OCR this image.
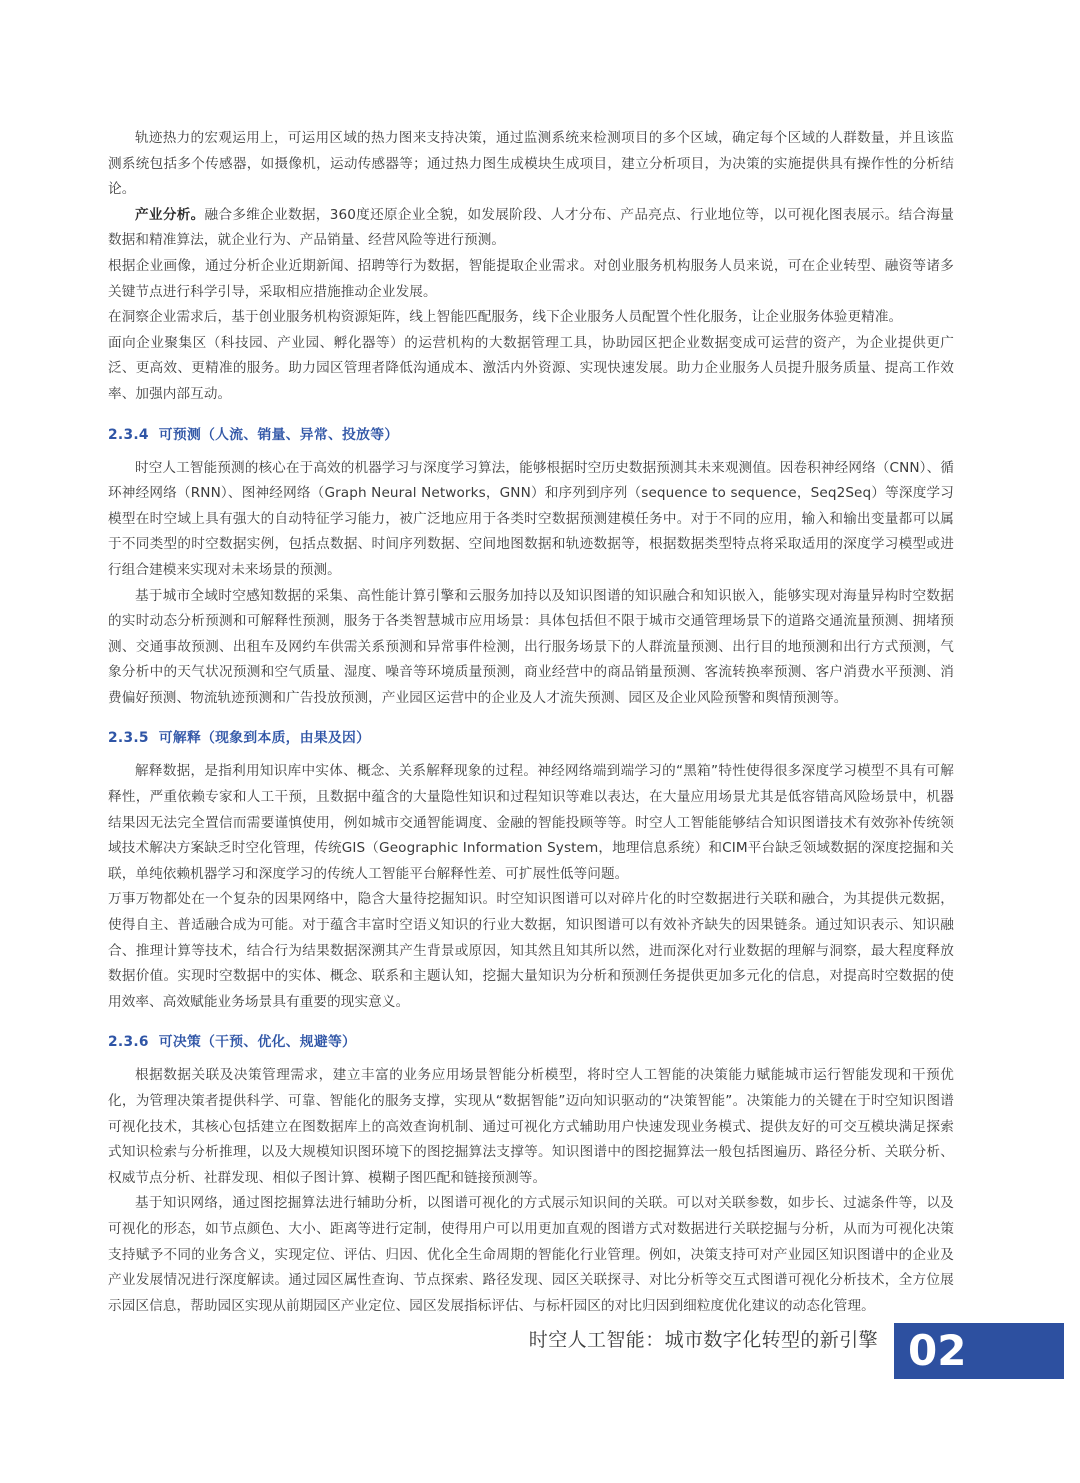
轨迹热力的宏观运用上，可运用区域的热力图来支持决策，通过监测系统来检测项目的多个区域，确定每个区域的人群数量，并且该监测系统包括多个传感器，如摄像机，运动传感器等；通过热力图生成模块生成项目，建立分析项目，为决策的实施提供具有操作性的分析结论。

产业分析。融合多维企业数据，360度还原企业全貌，如发展阶段、人才分布、产品亮点、行业地位等，以可视化图表展示。结合海量数据和精准算法，就企业行为、产品销量、经营风险等进行预测。

根据企业画像，通过分析企业近期新闻、招聘等行为数据，智能提取企业需求。对创业服务机构服务人员来说，可在企业转型、融资等诸多关键节点进行科学引导，采取相应措施推动企业发展。

在洞察企业需求后，基于创业服务机构资源矩阵，线上智能匹配服务，线下企业服务人员配置个性化服务，让企业服务体验更精准。

面向企业聚集区（科技园、产业园、孵化器等）的运营机构的大数据管理工具，协助园区把企业数据变成可运营的资产，为企业提供更广泛、更高效、更精准的服务。助力园区管理者降低沟通成本、激活内外资源、实现快速发展。助力企业服务人员提升服务质量、提高工作效率、加强内部互动。

2.3.4 可预测（人流、销量、异常、投放等）

时空人工智能预测的核心在于高效的机器学习与深度学习算法，能够根据时空历史数据预测其未来观测值。因卷积神经网络（CNN）、循环神经网络（RNN）、图神经网络（Graph Neural Networks，GNN）和序列到序列（sequence to sequence，Seq2Seq）等深度学习模型在时空域上具有强大的自动特征学习能力，被广泛地应用于各类时空数据预测建模任务中。对于不同的应用，输入和输出变量都可以属于不同类型的时空数据实例，包括点数据、时间序列数据、空间地图数据和轨迹数据等，根据数据类型特点将采取适用的深度学习模型或进行组合建模来实现对未来场景的预测。

基于城市全域时空感知数据的采集、高性能计算引擎和云服务加持以及知识图谱的知识融合和知识嵌入，能够实现对海量异构时空数据的实时动态分析预测和可解释性预测，服务于各类智慧城市应用场景：具体包括但不限于城市交通管理场景下的道路交通流量预测、拥堵预测、交通事故预测、出租车及网约车供需关系预测和异常事件检测，出行服务场景下的人群流量预测、出行目的地预测和出行方式预测，气象分析中的天气状况预测和空气质量、湿度、噪音等环境质量预测，商业经营中的商品销量预测、客流转换率预测、客户消费水平预测、消费偏好预测、物流轨迹预测和广告投放预测，产业园区运营中的企业及人才流失预测、园区及企业风险预警和舆情预测等。

2.3.5 可解释（现象到本质，由果及因）

解释数据，是指利用知识库中实体、概念、关系解释现象的过程。神经网络端到端学习的“黑箱”特性使得很多深度学习模型不具有可解释性，严重依赖专家和人工干预，且数据中蕴含的大量隐性知识和过程知识等难以表达，在大量应用场景尤其是低容错高风险场景中，机器结果因无法完全置信而需要谨慎使用，例如城市交通智能调度、金融的智能投顾等等。时空人工智能能够结合知识图谱技术有效弥补传统领域技术解决方案缺乏时空化管理，传统GIS（Geographic Information System，地理信息系统）和CIM平台缺乏领域数据的深度挖掘和关联，单纯依赖机器学习和深度学习的传统人工智能平台解释性差、可扩展性低等问题。

万事万物都处在一个复杂的因果网络中，隐含大量待挖掘知识。时空知识图谱可以对碎片化的时空数据进行关联和融合，为其提供元数据，使得自主、普适融合成为可能。对于蕴含丰富时空语义知识的行业大数据，知识图谱可以有效补齐缺失的因果链条。通过知识表示、知识融合、推理计算等技术，结合行为结果数据深溯其产生背景或原因，知其然且知其所以然，进而深化对行业数据的理解与洞察，最大程度释放数据价值。实现时空数据中的实体、概念、联系和主题认知，挖掘大量知识为分析和预测任务提供更加多元化的信息，对提高时空数据的使用效率、高效赋能业务场景具有重要的现实意义。

2.3.6 可决策（干预、优化、规避等）

根据数据关联及决策管理需求，建立丰富的业务应用场景智能分析模型，将时空人工智能的决策能力赋能城市运行智能发现和干预优化，为管理决策者提供科学、可靠、智能化的服务支撑，实现从“数据智能”迈向知识驱动的“决策智能”。决策能力的关键在于时空知识图谱可视化技术，其核心包括建立在图数据库上的高效查询机制、通过可视化方式辅助用户快速发现业务模式、提供友好的可交互模块满足探索式知识检索与分析推理，以及大规模知识图环境下的图挖掘算法支撑等。知识图谱中的图挖掘算法一般包括图遍历、路径分析、关联分析、权威节点分析、社群发现、相似子图计算、模糊子图匹配和链接预测等。

基于知识网络，通过图挖掘算法进行辅助分析，以图谱可视化的方式展示知识间的关联。可以对关联参数，如步长、过滤条件等，以及可视化的形态，如节点颜色、大小、距离等进行定制，使得用户可以用更加直观的图谱方式对数据进行关联挖掘与分析，从而为可视化决策支持赋予不同的业务含义，实现定位、评估、归因、优化全生命周期的智能化行业管理。例如，决策支持可对产业园区知识图谱中的企业及产业发展情况进行深度解读。通过园区属性查询、节点探索、路径发现、园区关联探寻、对比分析等交互式图谱可视化分析技术，全方位展示园区信息，帮助园区实现从前期园区产业定位、园区发展指标评估、与标杆园区的对比归因到细粒度优化建议的动态化管理。

时空人工智能：城市数字化转型的新引擎 02
